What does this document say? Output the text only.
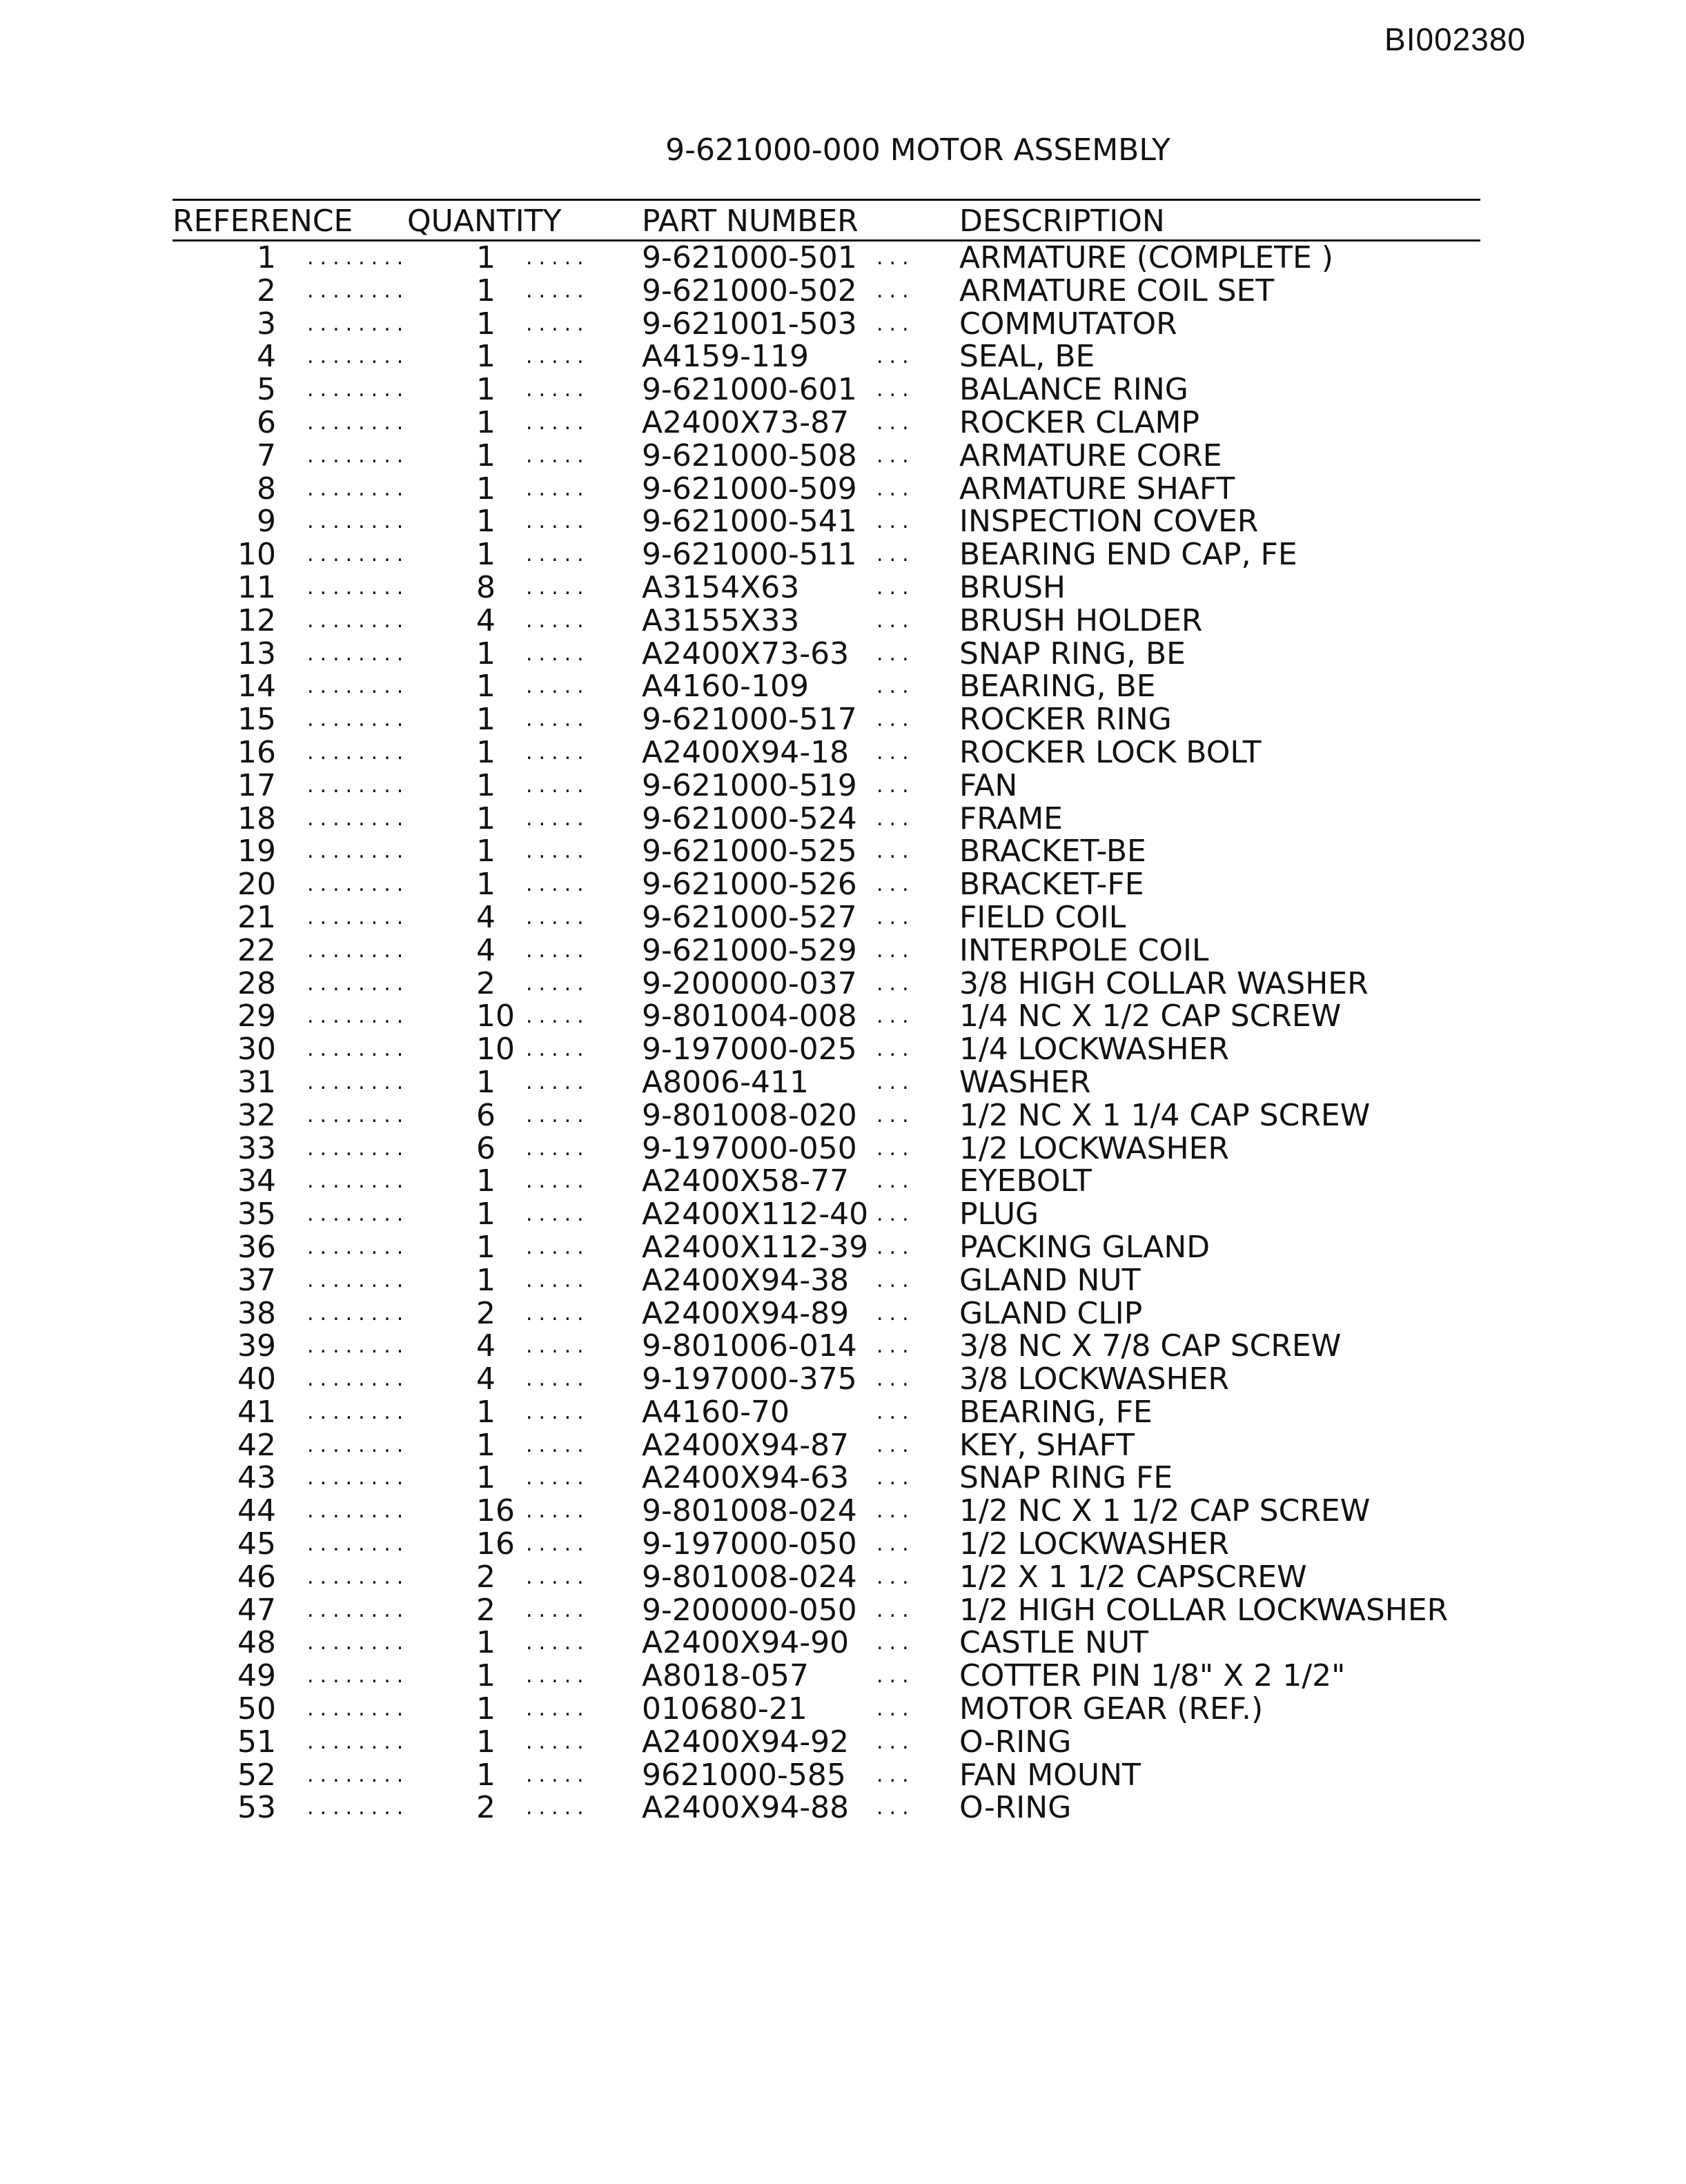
BI002380
9-621000-000 MOTOR ASSEMBLY
REFERENCE QUANTITY	PART NUMBER	DESCRIPTION
1 ........ 1 ..... 9-621000-501 ... ARMATURE (COMPLETE )
2 ........ 1 ..... 9-621000-502 ... ARMATURE COIL SET
3 ........ 1 ..... 9-621001-503 ... COMMUTATOR
4 ........ 1 ..... A4159-119	... SEAL, BE
5 ........ 1 ..... 9-621000-601 ... BALANCE RING
6 ........ 1 ..... A2400X73-87 ... ROCKER CLAMP
7 ........ 1 ..... 9-621000-508 ... ARMATURE CORE
8 ........ 1 ..... 9-621000-509 ... ARMATURE SHAFT
9 ........ 1 ..... 9-621000-541 ... INSPECTION COVER
10 ........ 1 ..... 9-621000-511 ... BEARING END CAP, FE
11 ........ 8 ..... A3154X63	... BRUSH
12 ........ 4 ..... A3155X33	... BRUSH HOLDER
13 ........ 1 ..... A2400X73-63 ... SNAP RING, BE
14 ........ 1 ..... A4160-109	... BEARING, BE
15 ........ 1 ..... 9-621000-517 ... ROCKER RING
16 ........ 1 ..... A2400X94-18 ... ROCKER LOCK BOLT
17 ........ 1 ..... 9-621000-519 ... FAN
18 ........ 1 ..... 9-621000-524 ... FRAME
19 ........ 1 ..... 9-621000-525 ... BRACKET-BE
20 ........ 1 ..... 9-621000-526 ... BRACKET-FE
21 ........ 4 ..... 9-621000-527 ... FIELD COIL
22 ........ 4 ..... 9-621000-529 ... INTERPOLE COIL
28 ........ 2 ..... 9-200000-037 ... 3/8 HIGH COLLAR WASHER
29 ........ 10 ..... 9-801004-008 ... 1/4 NC X 1/2 CAP SCREW
30 ........ 10 ..... 9-197000-025 ... 1/4 LOCKWASHER
31 ........ 1 ..... A8006-411	... WASHER
32 ........ 6 ..... 9-801008-020 ... 1/2 NC X 1 1/4 CAP SCREW
33 ........ 6 ..... 9-197000-050 ... 1/2 LOCKWASHER
34 ........ 1 ..... A2400X58-77 ... EYEBOLT
35 ........ 1 ..... A2400X112-40 ... PLUG
36 ........ 1 ..... A2400X112-39 ... PACKING GLAND
37 ........ 1 ..... A2400X94-38 ... GLAND NUT
38 ........ 2 ..... A2400X94-89 ... GLAND CLIP
39 ........ 4 ..... 9-801006-014 ... 3/8 NC X 7/8 CAP SCREW
40 ........ 4 ..... 9-197000-375 ... 3/8 LOCKWASHER
41 ........ 1 ..... A4160-70	... BEARING, FE
42 ........ 1 ..... A2400X94-87 ... KEY, SHAFT
43 ........ 1 ..... A2400X94-63 ... SNAP RING FE
44 ........ 16 ..... 9-801008-024 ... 1/2 NC X 1 1/2 CAP SCREW
45 ........ 16 ..... 9-197000-050 ... 1/2 LOCKWASHER
46 ........ 2 ..... 9-801008-024 ... 1/2 X 1 1/2 CAPSCREW
47 ........ 2 ..... 9-200000-050 ... 1/2 HIGH COLLAR LOCKWASHER
48 ........ 1 ..... A2400X94-90 ... CASTLE NUT
49 ........ 1 ..... A8018-057	... COTTER PIN 1/8" X 2 1/2"
50 ........ 1 ..... 010680-21	... MOTOR GEAR (REF.)
51 ........ 1 ..... A2400X94-92 ... O-RING
52 ........ 1 ..... 9621000-585 ... FAN MOUNT
53 ........ 2 ..... A2400X94-88 ... O-RING
